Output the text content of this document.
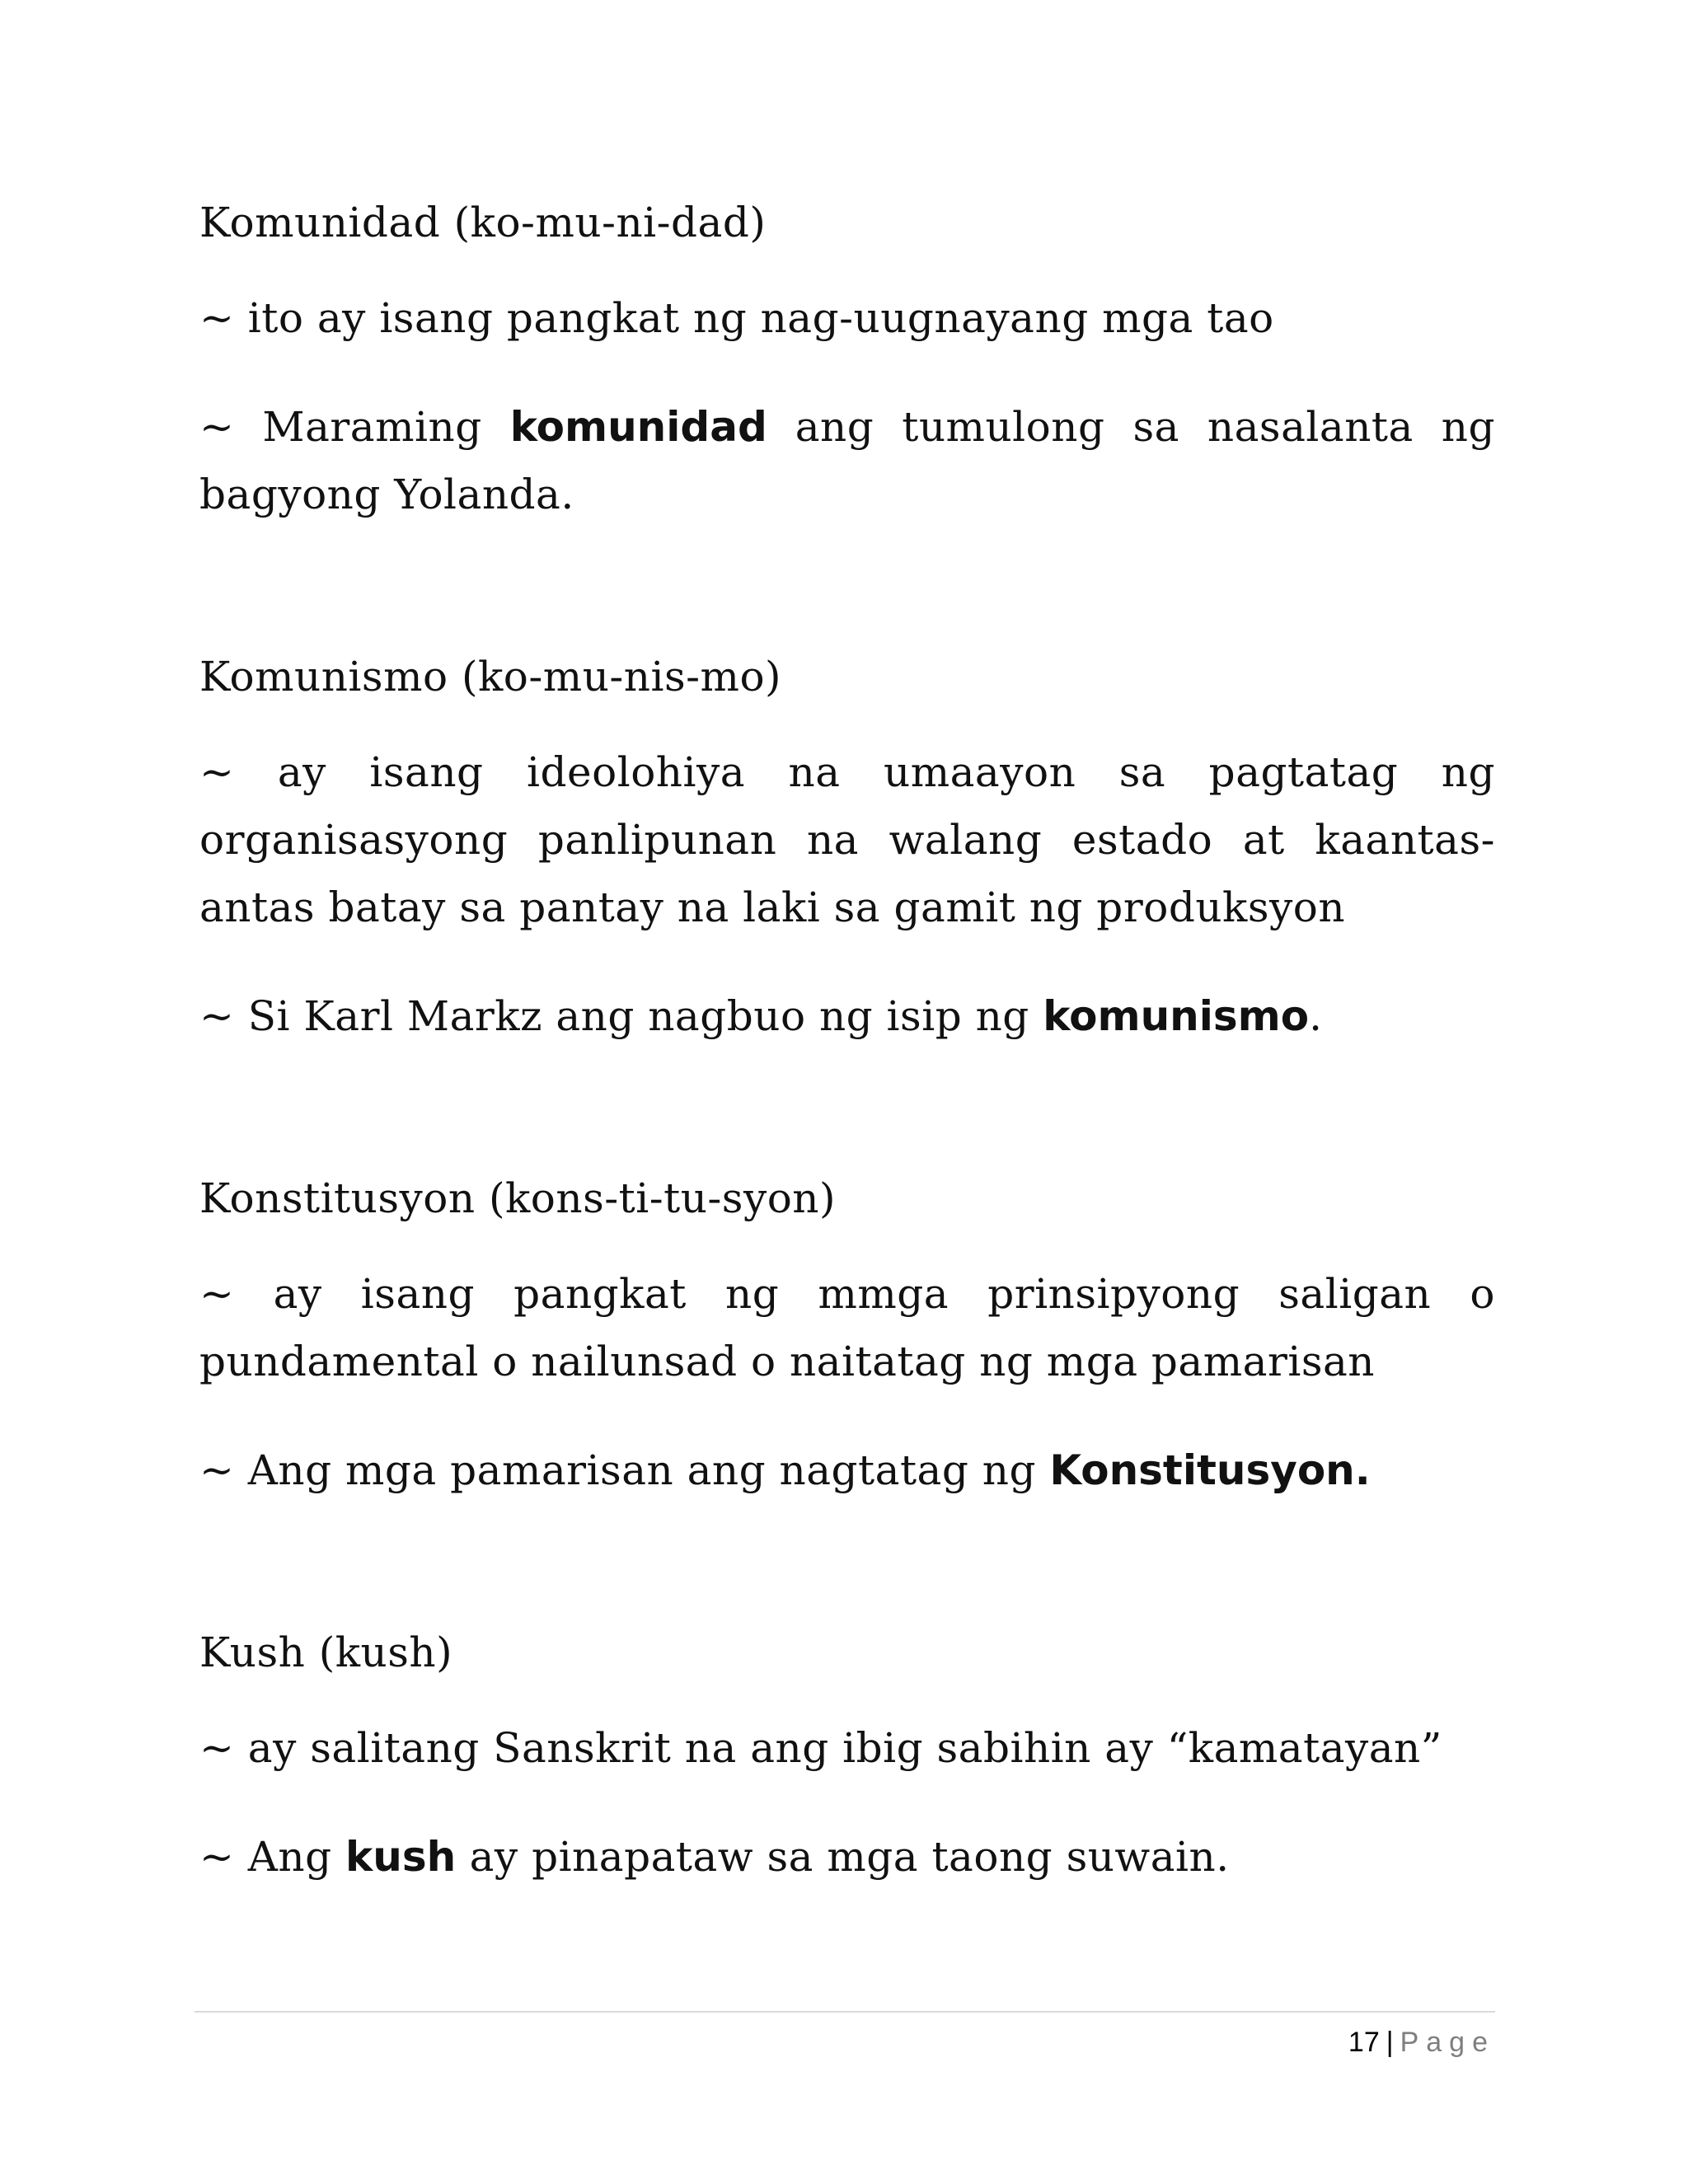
Komunidad (ko-mu-ni-dad)

~ ito ay isang pangkat ng nag-uugnayang mga tao

~ Maraming komunidad ang tumulong sa nasalanta ng bagyong Yolanda.

Komunismo (ko-mu-nis-mo)

~ ay isang ideolohiya na umaayon sa pagtatag ng organisasyong panlipunan na walang estado at kaantas-antas batay sa pantay na laki sa gamit ng produksyon

~ Si Karl Markz ang nagbuo ng isip ng komunismo.

Konstitusyon (kons-ti-tu-syon)

~ ay isang pangkat ng mmga prinsipyong saligan o pundamental o nailunsad o naitatag ng mga pamarisan

~ Ang mga pamarisan ang nagtatag ng Konstitusyon.

Kush (kush)

~ ay salitang Sanskrit na ang ibig sabihin ay “kamatayan”

~ Ang kush ay pinapataw sa mga taong suwain.

17 | Page
